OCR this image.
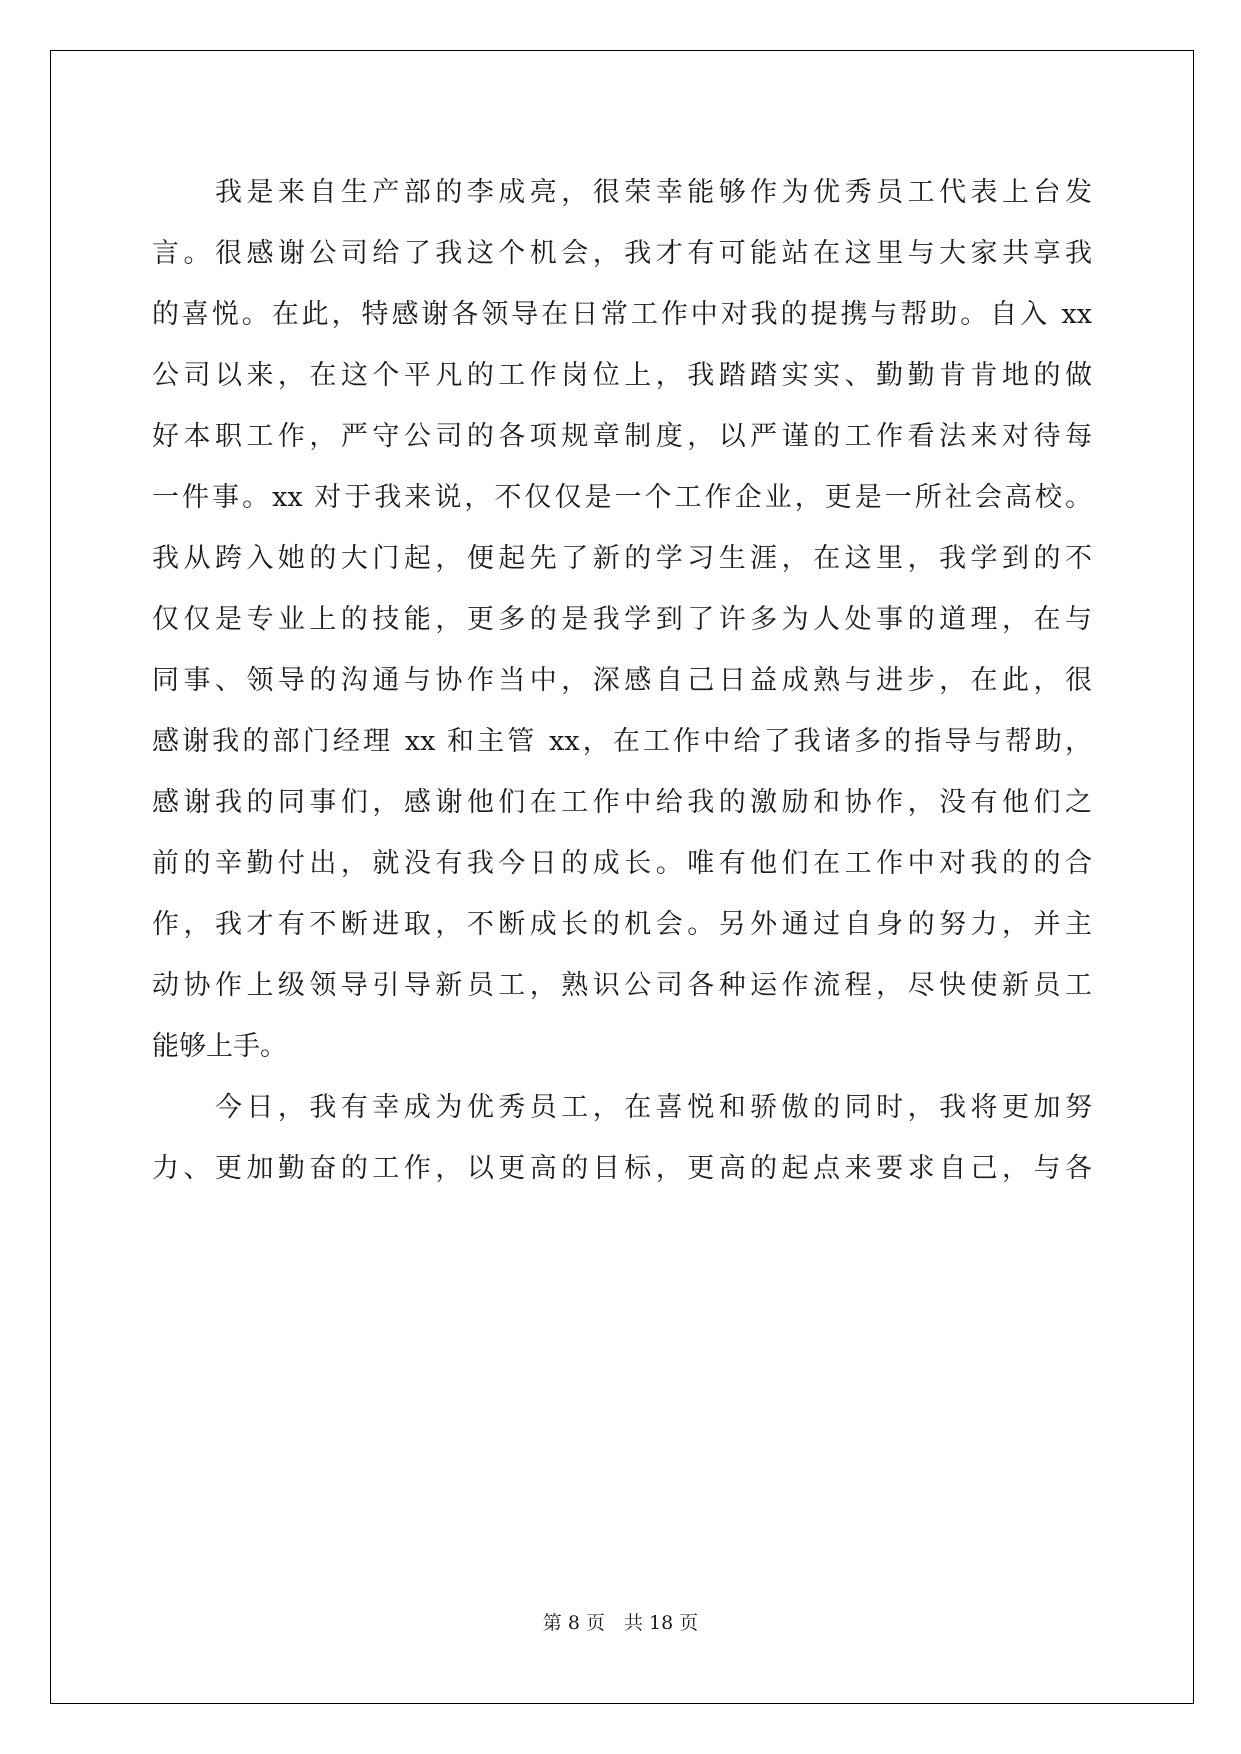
　　我是来自生产部的李成亮，很荣幸能够作为优秀员工代表上台发
言。很感谢公司给了我这个机会，我才有可能站在这里与大家共享我
的喜悦。在此，特感谢各领导在日常工作中对我的提携与帮助。自入 xx
公司以来，在这个平凡的工作岗位上，我踏踏实实、勤勤肯肯地的做
好本职工作，严守公司的各项规章制度，以严谨的工作看法来对待每
一件事。xx 对于我来说，不仅仅是一个工作企业，更是一所社会高校。
我从跨入她的大门起，便起先了新的学习生涯，在这里，我学到的不
仅仅是专业上的技能，更多的是我学到了许多为人处事的道理，在与
同事、领导的沟通与协作当中，深感自己日益成熟与进步，在此，很
感谢我的部门经理 xx 和主管 xx，在工作中给了我诸多的指导与帮助，
感谢我的同事们，感谢他们在工作中给我的激励和协作，没有他们之
前的辛勤付出，就没有我今日的成长。唯有他们在工作中对我的的合
作，我才有不断进取，不断成长的机会。另外通过自身的努力，并主
动协作上级领导引导新员工，熟识公司各种运作流程，尽快使新员工
能够上手。
　　今日，我有幸成为优秀员工，在喜悦和骄傲的同时，我将更加努
力、更加勤奋的工作，以更高的目标，更高的起点来要求自己，与各
第 8 页　共 18 页
